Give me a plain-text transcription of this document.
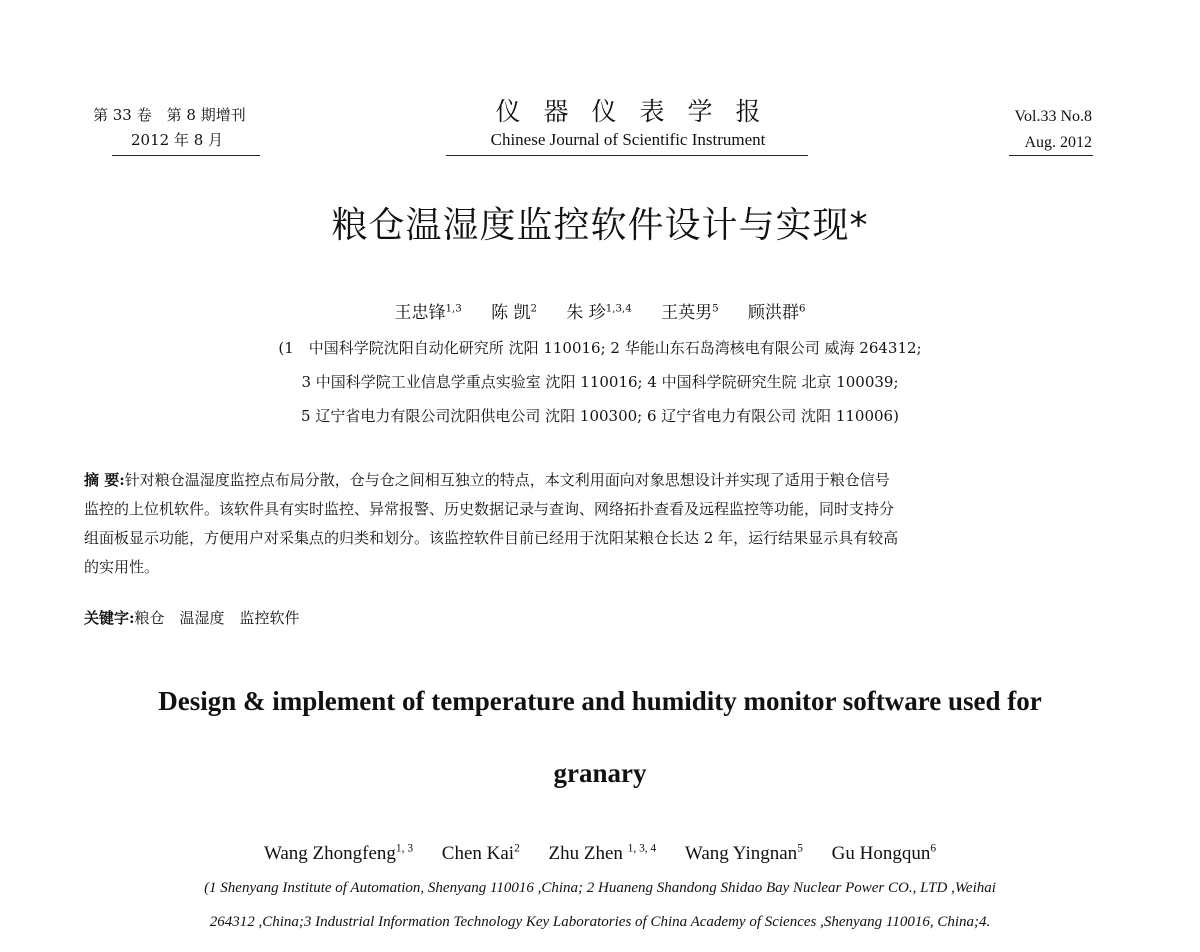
第 33 卷　第 8 期增刊
2012 年 8 月
仪器仪表学报
Chinese Journal of Scientific Instrument
Vol.33 No.8
Aug. 2012
粮仓温湿度监控软件设计与实现*
王忠锋$^{1,3}$ 陈 凯$^2$ 朱 珍$^{1,3,4}$ 王英男$^5$ 顾洪群$^6$
(1　中国科学院沈阳自动化研究所 沈阳 110016; 2 华能山东石岛湾核电有限公司 威海 264312;
3 中国科学院工业信息学重点实验室 沈阳 110016; 4 中国科学院研究生院 北京 100039;
5 辽宁省电力有限公司沈阳供电公司 沈阳 100300; 6 辽宁省电力有限公司 沈阳 110006)
摘 要:针对粮仓温湿度监控点布局分散，仓与仓之间相互独立的特点，本文利用面向对象思想设计并实现了适用于粮仓信号
监控的上位机软件。该软件具有实时监控、异常报警、历史数据记录与查询、网络拓扑查看及远程监控等功能，同时支持分
组面板显示功能，方便用户对采集点的归类和划分。该监控软件目前已经用于沈阳某粮仓长达 2 年，运行结果显示具有较高
的实用性。
关键字:粮仓　温湿度　监控软件
Design & implement of temperature and humidity monitor software used for
granary
Wang Zhongfeng$^{1, 3}$ Chen Kai$^2$ Zhu Zhen $^{1, 3, 4}$ Wang Yingnan$^5$ Gu Hongqun$^6$
(1 Shenyang Institute of Automation, Shenyang 110016 ,China; 2 Huaneng Shandong Shidao Bay Nuclear Power CO., LTD ,Weihai
264312 ,China;3 Industrial Information Technology Key Laboratories of China Academy of Sciences ,Shenyang 110016, China;4.
